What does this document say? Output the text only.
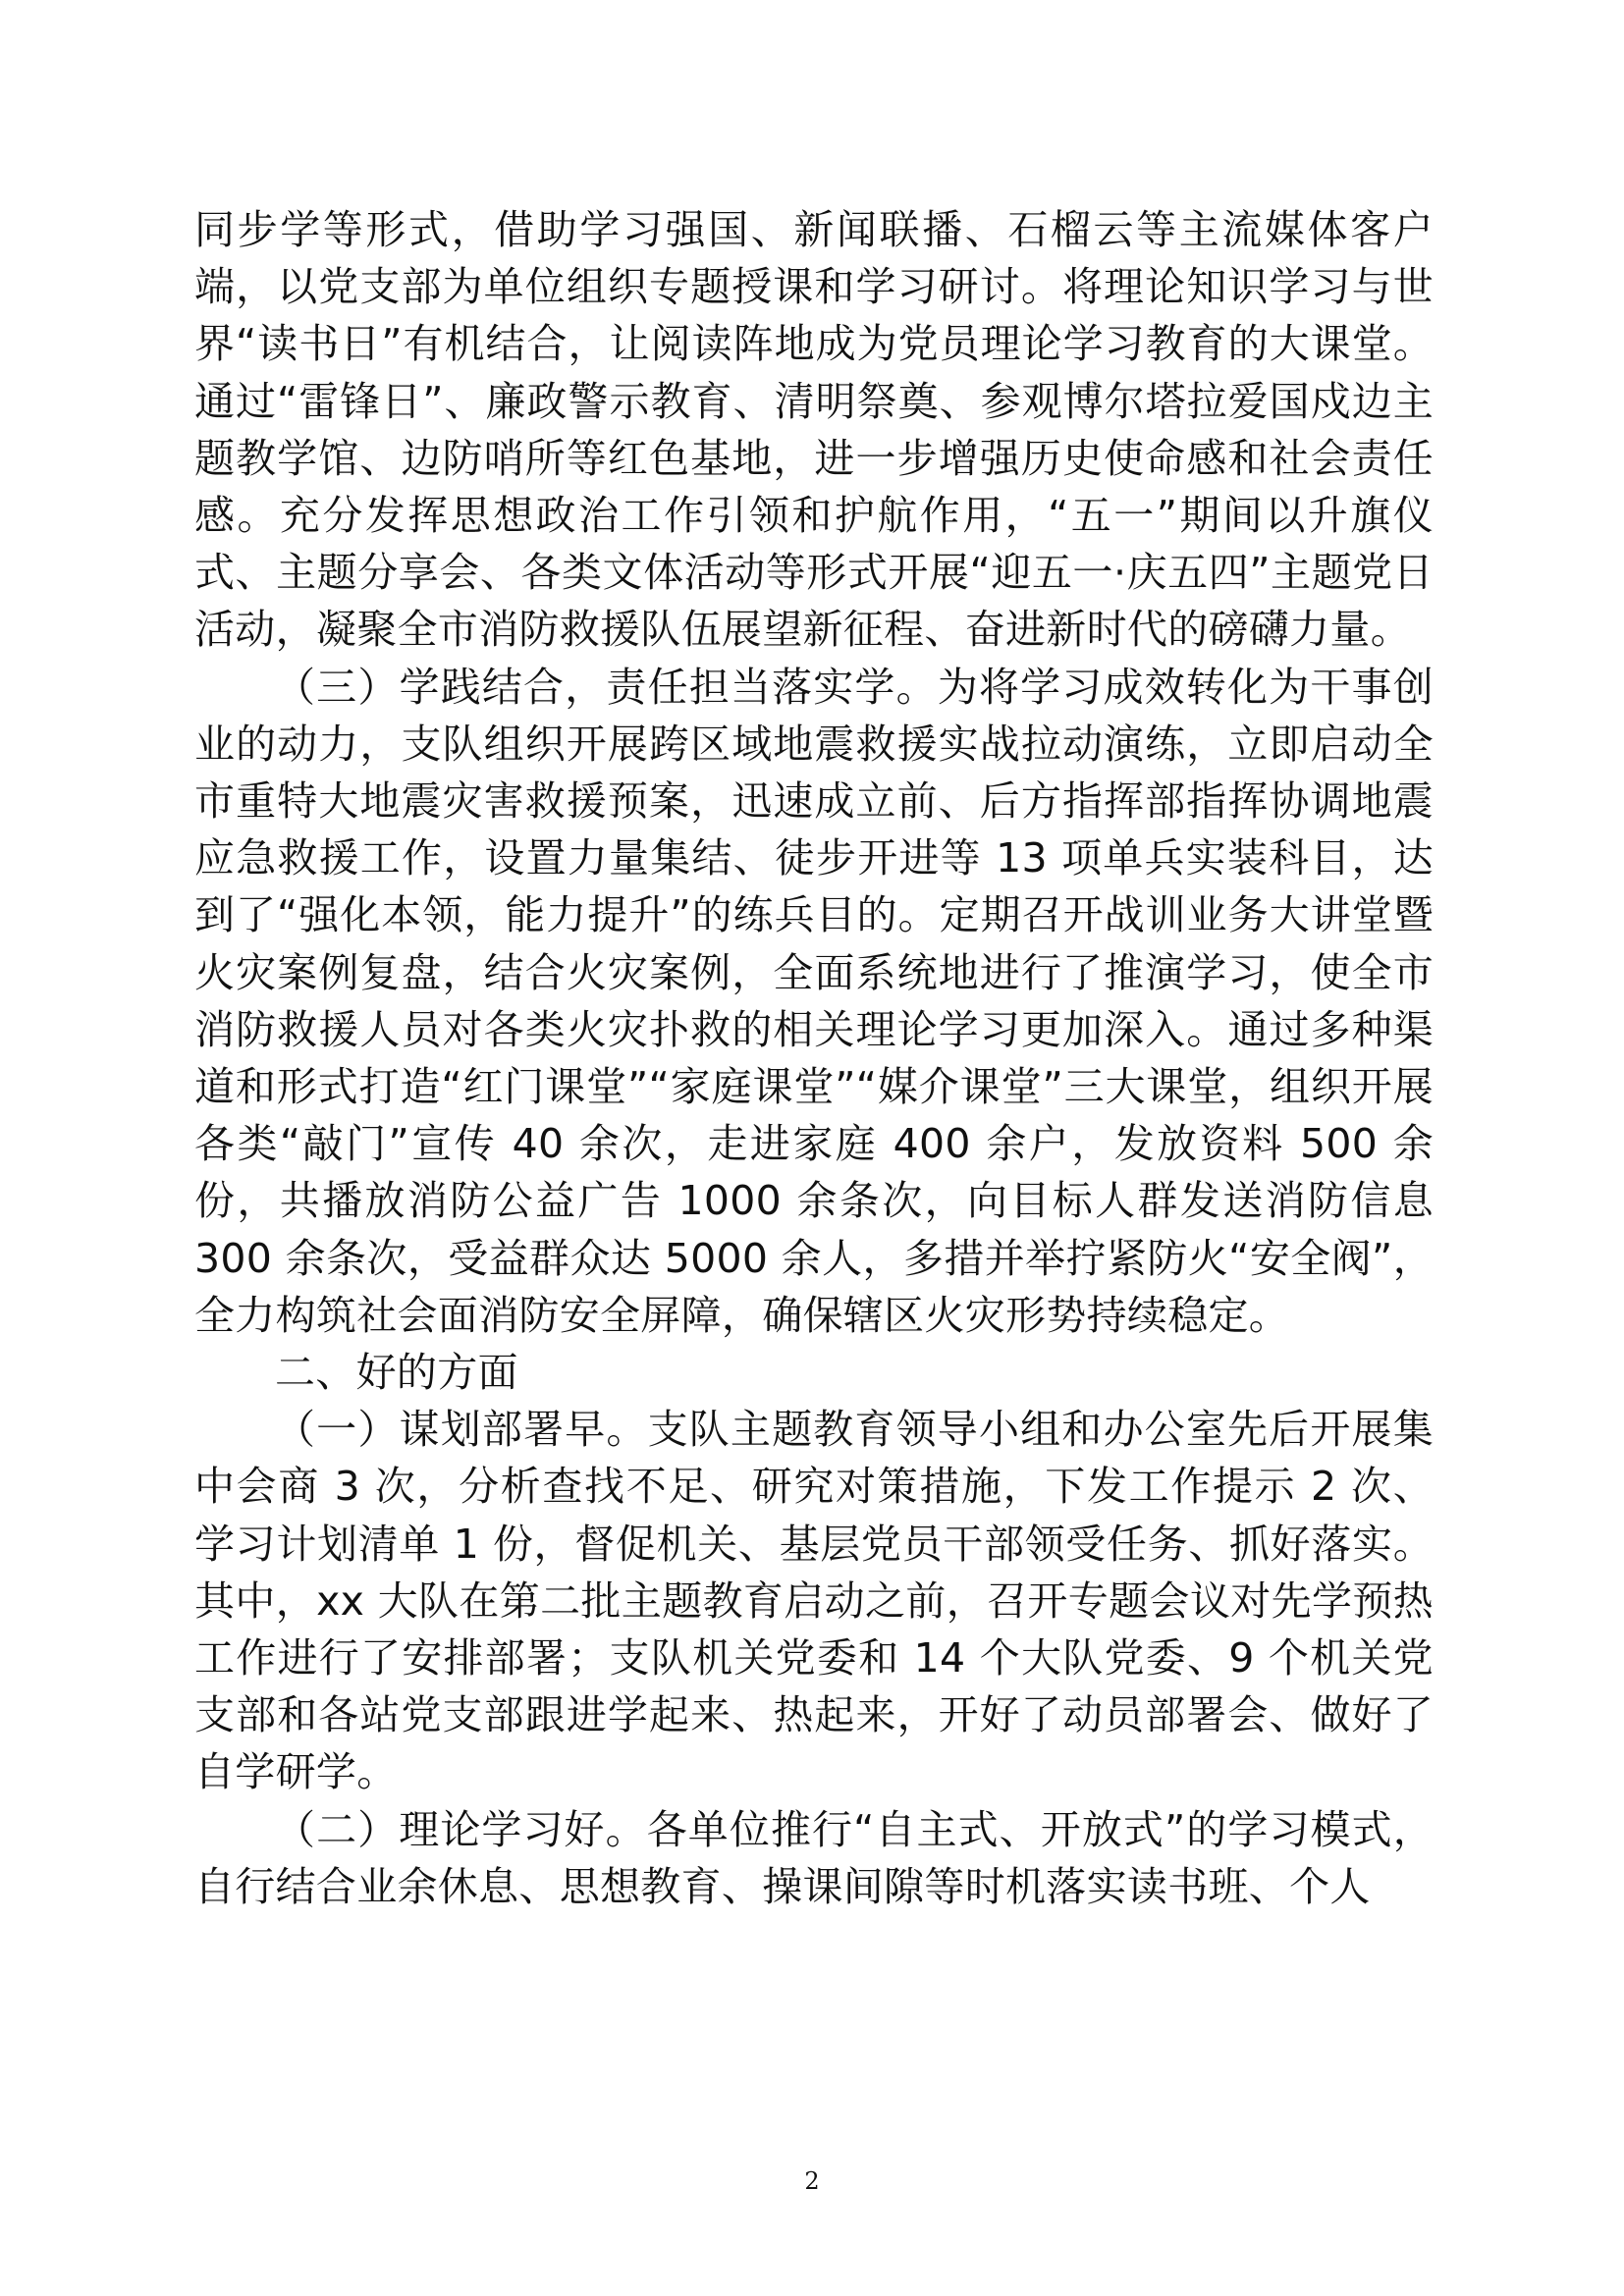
同步学等形式，借助学习强国、新闻联播、石榴云等主流媒体客户端，以党支部为单位组织专题授课和学习研讨。将理论知识学习与世界“读书日”有机结合，让阅读阵地成为党员理论学习教育的大课堂。通过“雷锋日”、廉政警示教育、清明祭奠、参观博尔塔拉爱国戍边主题教学馆、边防哨所等红色基地，进一步增强历史使命感和社会责任感。充分发挥思想政治工作引领和护航作用，“五一”期间以升旗仪式、主题分享会、各类文体活动等形式开展“迎五一·庆五四”主题党日活动，凝聚全市消防救援队伍展望新征程、奋进新时代的磅礴力量。

（三）学践结合，责任担当落实学。为将学习成效转化为干事创业的动力，支队组织开展跨区域地震救援实战拉动演练，立即启动全市重特大地震灾害救援预案，迅速成立前、后方指挥部指挥协调地震应急救援工作，设置力量集结、徒步开进等 13 项单兵实装科目，达到了“强化本领，能力提升”的练兵目的。定期召开战训业务大讲堂暨火灾案例复盘，结合火灾案例，全面系统地进行了推演学习，使全市消防救援人员对各类火灾扑救的相关理论学习更加深入。通过多种渠道和形式打造“红门课堂”“家庭课堂”“媒介课堂”三大课堂，组织开展各类“敲门”宣传 40 余次，走进家庭 400 余户，发放资料 500 余份，共播放消防公益广告 1000 余条次，向目标人群发送消防信息 300 余条次，受益群众达 5000 余人，多措并举拧紧防火“安全阀”，全力构筑社会面消防安全屏障，确保辖区火灾形势持续稳定。

二、好的方面

（一）谋划部署早。支队主题教育领导小组和办公室先后开展集中会商 3 次，分析查找不足、研究对策措施，下发工作提示 2 次、学习计划清单 1 份，督促机关、基层党员干部领受任务、抓好落实。其中，xx 大队在第二批主题教育启动之前，召开专题会议对先学预热工作进行了安排部署；支队机关党委和 14 个大队党委、9 个机关党支部和各站党支部跟进学起来、热起来，开好了动员部署会、做好了自学研学。

（二）理论学习好。各单位推行“自主式、开放式”的学习模式，自行结合业余休息、思想教育、操课间隙等时机落实读书班、个人

2
